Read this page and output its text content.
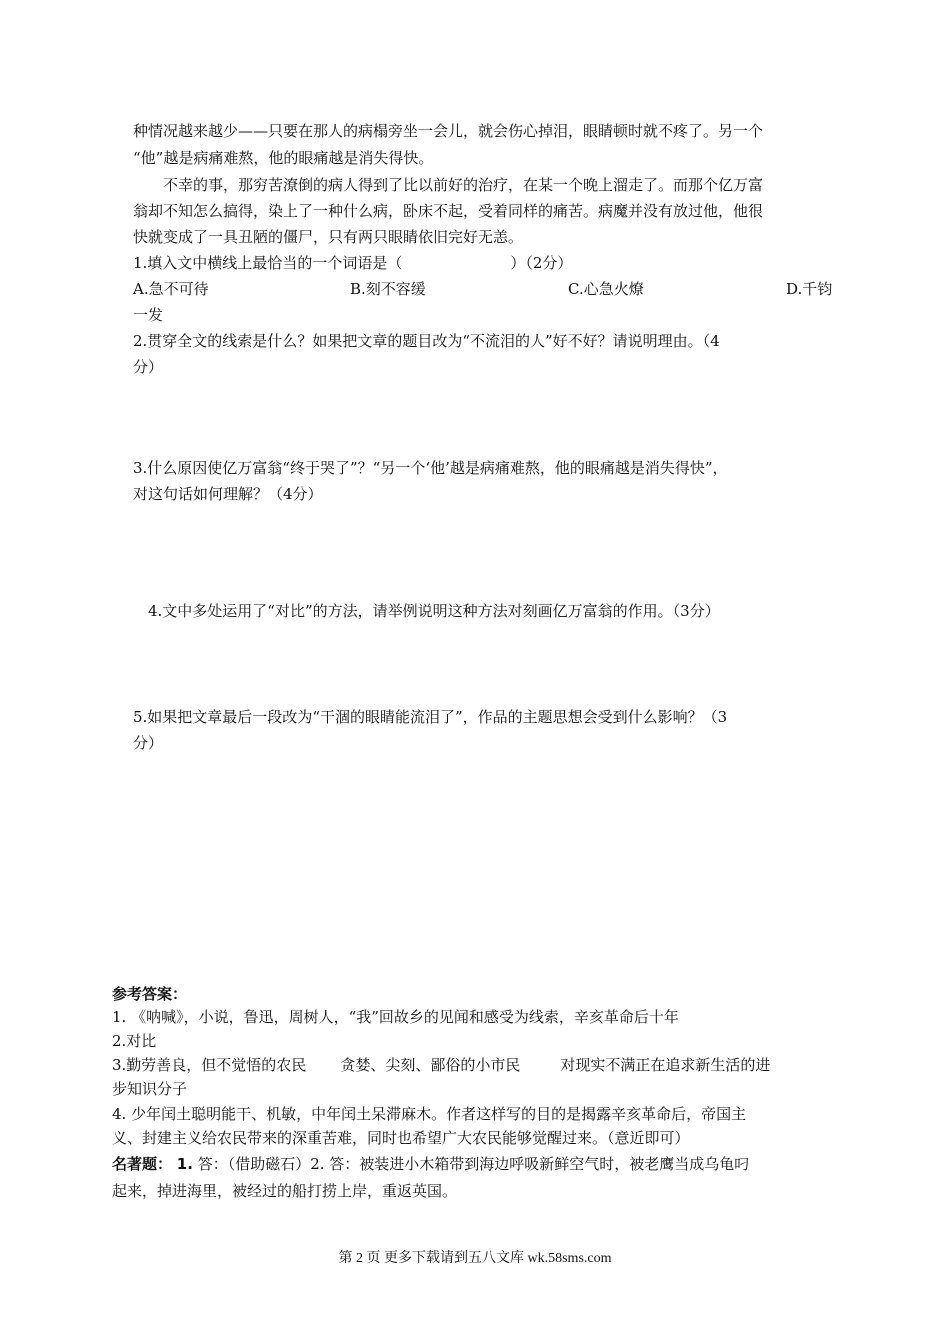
种情况越来越少——只要在那人的病榻旁坐一会儿，就会伤心掉泪，眼睛顿时就不疼了。另一个
“他”越是病痛难熬，他的眼痛越是消失得快。
不幸的事，那穷苦潦倒的病人得到了比以前好的治疗，在某一个晚上溜走了。而那个亿万富
翁却不知怎么搞得，染上了一种什么病，卧床不起，受着同样的痛苦。病魔并没有放过他，他很
快就变成了一具丑陋的僵尸，只有两只眼睛依旧完好无恙。
1.填入文中横线上最恰当的一个词语是（	）（2分）
A.急不可待	B.刻不容缓	C.心急火燎	D.千钧
一发
2.贯穿全文的线索是什么？如果把文章的题目改为“不流泪的人”好不好？请说明理由。（4
分）
3.什么原因使亿万富翁“终于哭了”？“另一个‘他’越是病痛难熬，他的眼痛越是消失得快”，
对这句话如何理解？（4分）
4.文中多处运用了“对比”的方法，请举例说明这种方法对刻画亿万富翁的作用。（3分）
5.如果把文章最后一段改为“干涸的眼睛能流泪了”，作品的主题思想会受到什么影响？（3
分）
参考答案：
1. 《呐喊》，小说，鲁迅，周树人，“我”回故乡的见闻和感受为线索，辛亥革命后十年
2.对比
3.勤劳善良，但不觉悟的农民 贪婪、尖刻、鄙俗的小市民	对现实不满正在追求新生活的进
步知识分子
4. 少年闰土聪明能干、机敏，中年闰土呆滞麻木。作者这样写的目的是揭露辛亥革命后，帝国主
义、封建主义给农民带来的深重苦难，同时也希望广大农民能够觉醒过来。（意近即可）
名著题： 1. 答：（借助磁石）2. 答：被装进小木箱带到海边呼吸新鲜空气时，被老鹰当成乌龟叼
起来，掉进海里，被经过的船打捞上岸，重返英国。
第 2 页 更多下载请到五八文库 wk.58sms.com
